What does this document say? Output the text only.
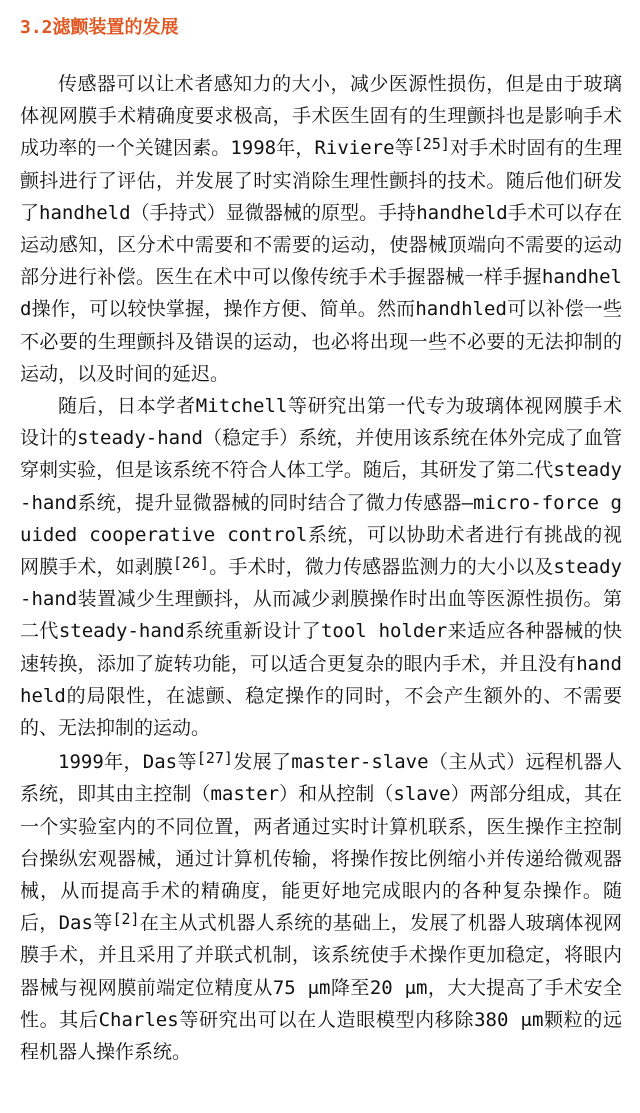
3.2滤颤装置的发展

传感器可以让术者感知力的大小，减少医源性损伤，但是由于玻璃体视网膜手术精确度要求极高，手术医生固有的生理颤抖也是影响手术成功率的一个关键因素。1998年，Riviere等[25]对手术时固有的生理颤抖进行了评估，并发展了时实消除生理性颤抖的技术。随后他们研发了handheld（手持式）显微器械的原型。手持handheld手术可以存在运动感知，区分术中需要和不需要的运动，使器械顶端向不需要的运动部分进行补偿。医生在术中可以像传统手术手握器械一样手握handheld操作，可以较快掌握，操作方便、简单。然而handhled可以补偿一些不必要的生理颤抖及错误的运动，也必将出现一些不必要的无法抑制的运动，以及时间的延迟。

随后，日本学者Mitchell等研究出第一代专为玻璃体视网膜手术设计的steady-hand（稳定手）系统，并使用该系统在体外完成了血管穿刺实验，但是该系统不符合人体工学。随后，其研发了第二代steady-hand系统，提升显微器械的同时结合了微力传感器—micro-force guided cooperative control系统，可以协助术者进行有挑战的视网膜手术，如剥膜[26]。手术时，微力传感器监测力的大小以及steady-hand装置减少生理颤抖，从而减少剥膜操作时出血等医源性损伤。第二代steady-hand系统重新设计了tool holder来适应各种器械的快速转换，添加了旋转功能，可以适合更复杂的眼内手术，并且没有handheld的局限性，在滤颤、稳定操作的同时，不会产生额外的、不需要的、无法抑制的运动。

1999年，Das等[27]发展了master-slave（主从式）远程机器人系统，即其由主控制（master）和从控制（slave）两部分组成，其在一个实验室内的不同位置，两者通过实时计算机联系，医生操作主控制台操纵宏观器械，通过计算机传输，将操作按比例缩小并传递给微观器械，从而提高手术的精确度，能更好地完成眼内的各种复杂操作。随后，Das等[2]在主从式机器人系统的基础上，发展了机器人玻璃体视网膜手术，并且采用了并联式机制，该系统使手术操作更加稳定，将眼内器械与视网膜前端定位精度从75 μm降至20 μm，大大提高了手术安全性。其后Charles等研究出可以在人造眼模型内移除380 μm颗粒的远程机器人操作系统。
